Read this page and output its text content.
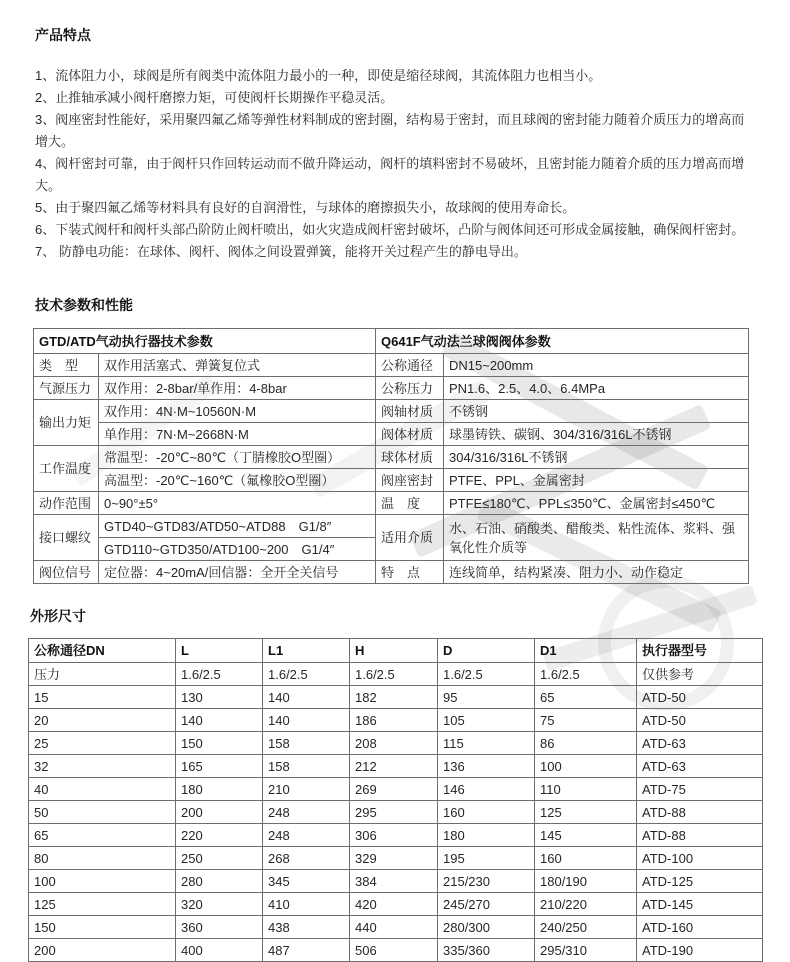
产品特点

1、流体阻力小，球阀是所有阀类中流体阻力最小的一种，即使是缩径球阀，其流体阻力也相当小。

2、止推轴承减小阀杆磨擦力矩，可使阀杆长期操作平稳灵活。

3、阀座密封性能好，采用聚四氟乙烯等弹性材料制成的密封圈，结构易于密封，而且球阀的密封能力随着介质压力的增高而增大。

4、阀杆密封可靠，由于阀杆只作回转运动而不做升降运动，阀杆的填料密封不易破坏，且密封能力随着介质的压力增高而增大。

5、由于聚四氟乙烯等材料具有良好的自润滑性，与球体的磨擦损失小，故球阀的使用寿命长。

6、下装式阀杆和阀杆头部凸阶防止阀杆喷出，如火灾造成阀杆密封破坏，凸阶与阀体间还可形成金属接触，确保阀杆密封。

7、 防静电功能：在球体、阀杆、阀体之间设置弹簧，能将开关过程产生的静电导出。

技术参数和性能
GTD/ATD气动执行器技术参数		Q641F气动法兰球阀阀体参数	
类　型	双作用活塞式、弹簧复位式	公称通径	DN15~200mm
气源压力	双作用：2-8bar/单作用：4-8bar	公称压力	PN1.6、2.5、4.0、6.4MPa
输出力矩	双作用：4N·M~10560N·M	阀轴材质	不锈钢
	单作用：7N·M~2668N·M	阀体材质	球墨铸铁、碳钢、304/316/316L不锈钢
工作温度	常温型：-20℃~80℃（丁腈橡胶O型圈）	球体材质	304/316/316L不锈钢
	高温型：-20℃~160℃（氟橡胶O型圈）	阀座密封	PTFE、PPL、金属密封
动作范围	0~90°±5°	温　度	PTFE≤180℃、PPL≤350℃、金属密封≤450℃
接口螺纹	GTD40~GTD83/ATD50~ATD88　G1/8″	适用介质	水、石油、硝酸类、醋酸类、粘性流体、浆料、强氧化性介质等
	GTD110~GTD350/ATD100~200　G1/4″		
阀位信号	定位器：4~20mA/回信器：全开全关信号	特　点	连线简单，结构紧凑、阻力小、动作稳定
外形尺寸
公称通径DN	L	L1	H	D	D1	执行器型号
压力	1.6/2.5	1.6/2.5	1.6/2.5	1.6/2.5	1.6/2.5	仅供参考
15	130	140	182	95	65	ATD-50
20	140	140	186	105	75	ATD-50
25	150	158	208	115	86	ATD-63
32	165	158	212	136	100	ATD-63
40	180	210	269	146	110	ATD-75
50	200	248	295	160	125	ATD-88
65	220	248	306	180	145	ATD-88
80	250	268	329	195	160	ATD-100
100	280	345	384	215/230	180/190	ATD-125
125	320	410	420	245/270	210/220	ATD-145
150	360	438	440	280/300	240/250	ATD-160
200	400	487	506	335/360	295/310	ATD-190
